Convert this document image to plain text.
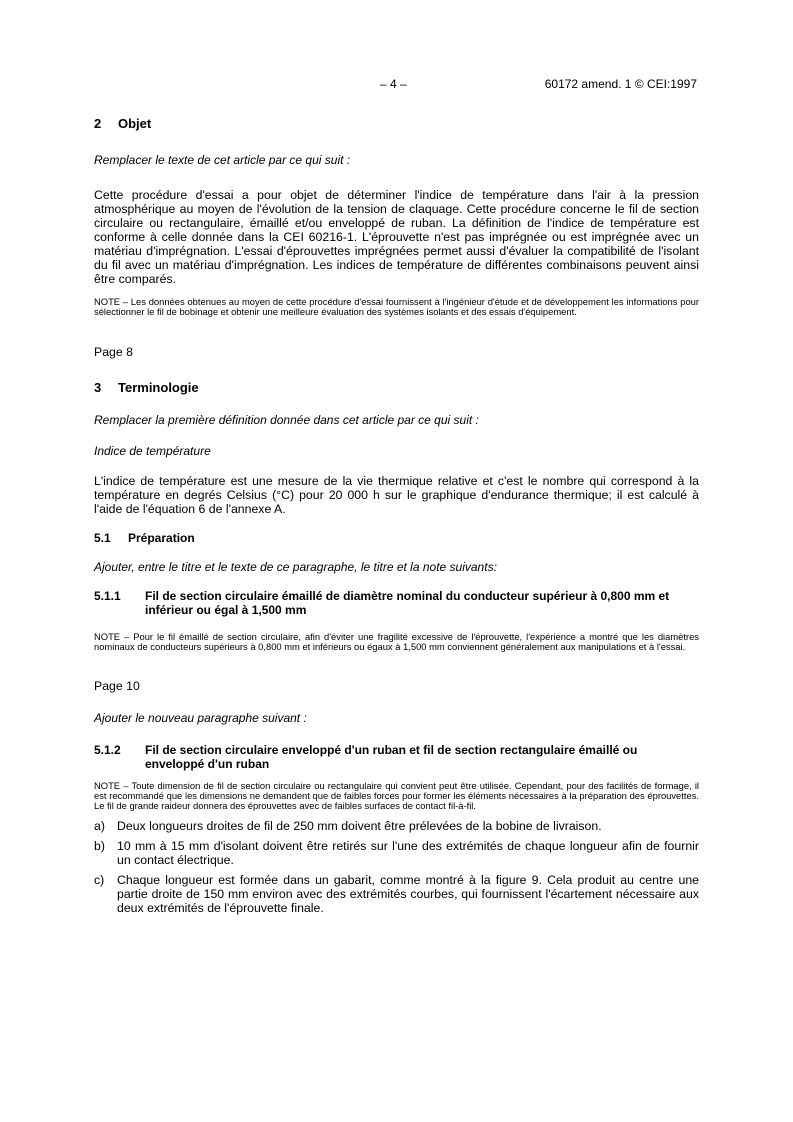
– 4 –	60172 amend. 1 © CEI:1997
2 Objet

Remplacer le texte de cet article par ce qui suit :

Cette procédure d'essai a pour objet de déterminer l'indice de température dans l'air à la pression atmosphérique au moyen de l'évolution de la tension de claquage. Cette procédure concerne le fil de section circulaire ou rectangulaire, émaillé et/ou enveloppé de ruban. La définition de l'indice de température est conforme à celle donnée dans la CEI 60216-1. L'éprouvette n'est pas imprégnée ou est imprégnée avec un matériau d'imprégnation. L'essai d'éprouvettes imprégnées permet aussi d'évaluer la compatibilité de l'isolant du fil avec un matériau d'imprégnation. Les indices de température de différentes combinaisons peuvent ainsi être comparés.

NOTE – Les données obtenues au moyen de cette procédure d'essai fournissent à l'ingénieur d'étude et de développement les informations pour sélectionner le fil de bobinage et obtenir une meilleure évaluation des systèmes isolants et des essais d'équipement.

Page 8

3 Terminologie

Remplacer la première définition donnée dans cet article par ce qui suit :

Indice de température

L'indice de température est une mesure de la vie thermique relative et c'est le nombre qui correspond à la température en degrés Celsius (°C) pour 20 000 h sur le graphique d'endurance thermique; il est calculé à l'aide de l'équation 6 de l'annexe A.

5.1 Préparation

Ajouter, entre le titre et le texte de ce paragraphe, le titre et la note suivants:

5.1.1 Fil de section circulaire émaillé de diamètre nominal du conducteur supérieur à 0,800 mm et inférieur ou égal à 1,500 mm

NOTE – Pour le fil émaillé de section circulaire, afin d'éviter une fragilité excessive de l'éprouvette, l'expérience a montré que les diamètres nominaux de conducteurs supérieurs à 0,800 mm et inférieurs ou égaux à 1,500 mm conviennent généralement aux manipulations et à l'essai.

Page 10

Ajouter le nouveau paragraphe suivant :

5.1.2 Fil de section circulaire enveloppé d'un ruban et fil de section rectangulaire émaillé ou enveloppé d'un ruban

NOTE – Toute dimension de fil de section circulaire ou rectangulaire qui convient peut être utilisée. Cependant, pour des facilités de formage, il est recommandé que les dimensions ne demandent que de faibles forces pour former les éléments nécessaires à la préparation des éprouvettes. Le fil de grande raideur donnera des éprouvettes avec de faibles surfaces de contact fil-à-fil.

a) Deux longueurs droites de fil de 250 mm doivent être prélevées de la bobine de livraison.

b) 10 mm à 15 mm d'isolant doivent être retirés sur l'une des extrémités de chaque longueur afin de fournir un contact électrique.

c) Chaque longueur est formée dans un gabarit, comme montré à la figure 9. Cela produit au centre une partie droite de 150 mm environ avec des extrémités courbes, qui fournissent l'écartement nécessaire aux deux extrémités de l'éprouvette finale.
